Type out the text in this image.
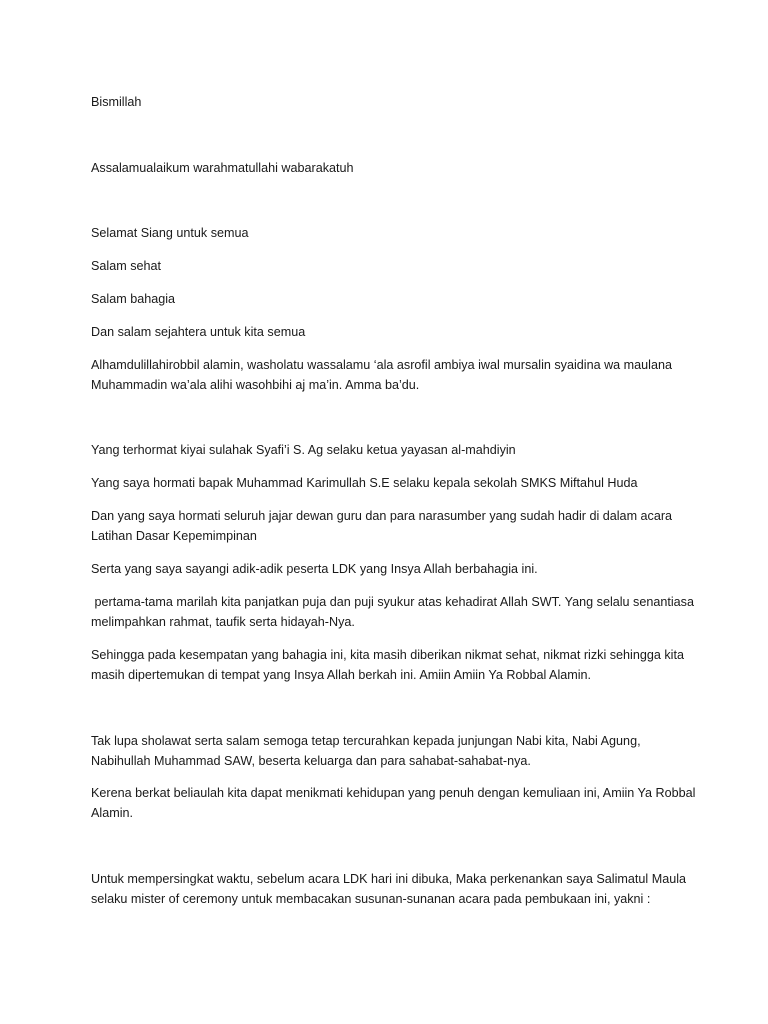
Bismillah

Assalamualaikum warahmatullahi wabarakatuh

Selamat Siang untuk semua

Salam sehat

Salam bahagia

Dan salam sejahtera untuk kita semua

Alhamdulillahirobbil alamin, washolatu wassalamu ‘ala asrofil ambiya iwal mursalin syaidina wa maulana Muhammadin wa’ala alihi wasohbihi aj ma’in. Amma ba’du.

Yang terhormat kiyai sulahak Syafi’i S. Ag selaku ketua yayasan al-mahdiyin

Yang saya hormati bapak Muhammad Karimullah S.E selaku kepala sekolah SMKS Miftahul Huda

Dan yang saya hormati seluruh jajar dewan guru dan para narasumber yang sudah hadir di dalam acara Latihan Dasar Kepemimpinan

Serta yang saya sayangi adik-adik peserta LDK yang Insya Allah berbahagia ini.

pertama-tama marilah kita panjatkan puja dan puji syukur atas kehadirat Allah SWT. Yang selalu senantiasa melimpahkan rahmat, taufik serta hidayah-Nya.

Sehingga pada kesempatan yang bahagia ini, kita masih diberikan nikmat sehat, nikmat rizki sehingga kita masih dipertemukan di tempat yang Insya Allah berkah ini. Amiin Amiin Ya Robbal Alamin.

Tak lupa sholawat serta salam semoga tetap tercurahkan kepada junjungan Nabi kita, Nabi Agung, Nabihullah Muhammad SAW, beserta keluarga dan para sahabat-sahabat-nya.

Kerena berkat beliaulah kita dapat menikmati kehidupan yang penuh dengan kemuliaan ini, Amiin Ya Robbal Alamin.

Untuk mempersingkat waktu, sebelum acara LDK hari ini dibuka, Maka perkenankan saya Salimatul Maula selaku mister of ceremony untuk membacakan susunan-sunanan acara pada pembukaan ini, yakni :
